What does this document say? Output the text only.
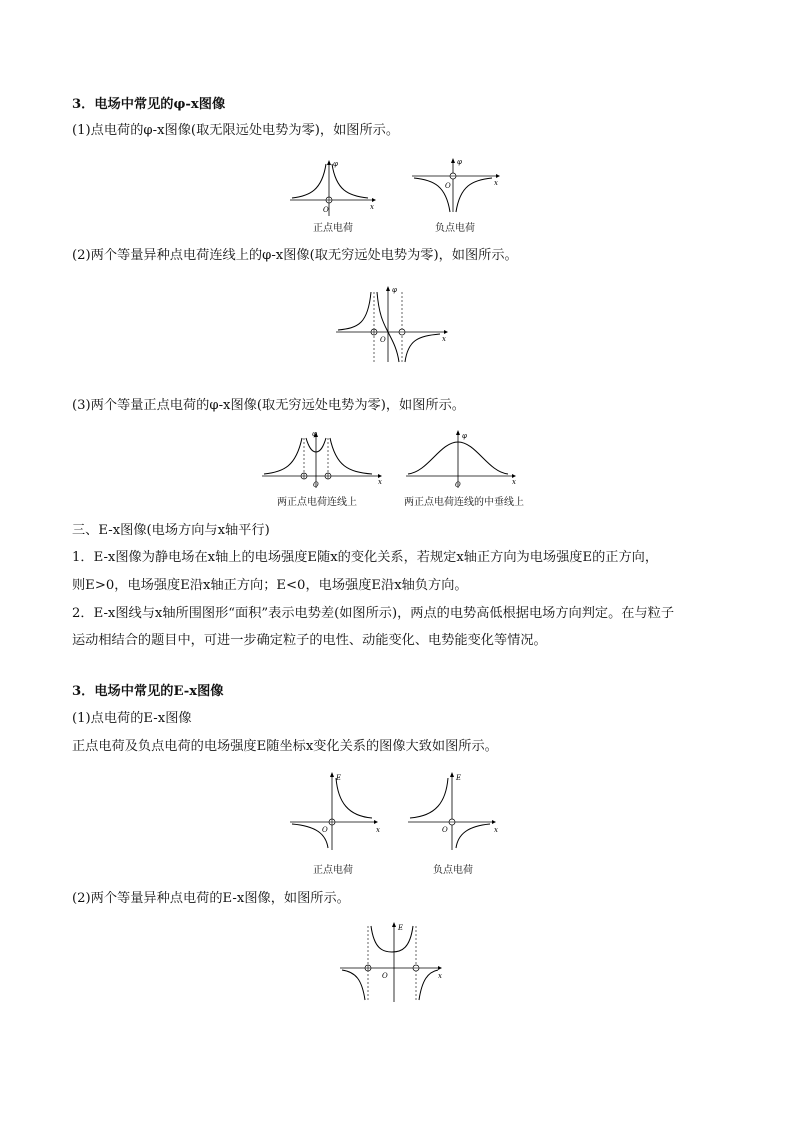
3．电场中常见的φ-x图像
(1)点电荷的φ-x图像(取无限远处电势为零)，如图所示。
φ
x
O
正点电荷
φ
x
O
负点电荷
(2)两个等量异种点电荷连线上的φ-x图像(取无穷远处电势为零)，如图所示。
φ
x
O
(3)两个等量正点电荷的φ-x图像(取无穷远处电势为零)，如图所示。
φ
x
O
两正点电荷连线上
φ
x
O
两正点电荷连线的中垂线上
三、E-x图像(电场方向与x轴平行)
1．E-x图像为静电场在x轴上的电场强度E随x的变化关系，若规定x轴正方向为电场强度E的正方向，
则E>0，电场强度E沿x轴正方向；E<0，电场强度E沿x轴负方向。
2．E-x图线与x轴所围图形“面积”表示电势差(如图所示)，两点的电势高低根据电场方向判定。在与粒子
运动相结合的题目中，可进一步确定粒子的电性、动能变化、电势能变化等情况。
3．电场中常见的E-x图像
(1)点电荷的E-x图像
正点电荷及负点电荷的电场强度E随坐标x变化关系的图像大致如图所示。
E
x
O
正点电荷
E
x
O
负点电荷
(2)两个等量异种点电荷的E-x图像，如图所示。
E
x
O
